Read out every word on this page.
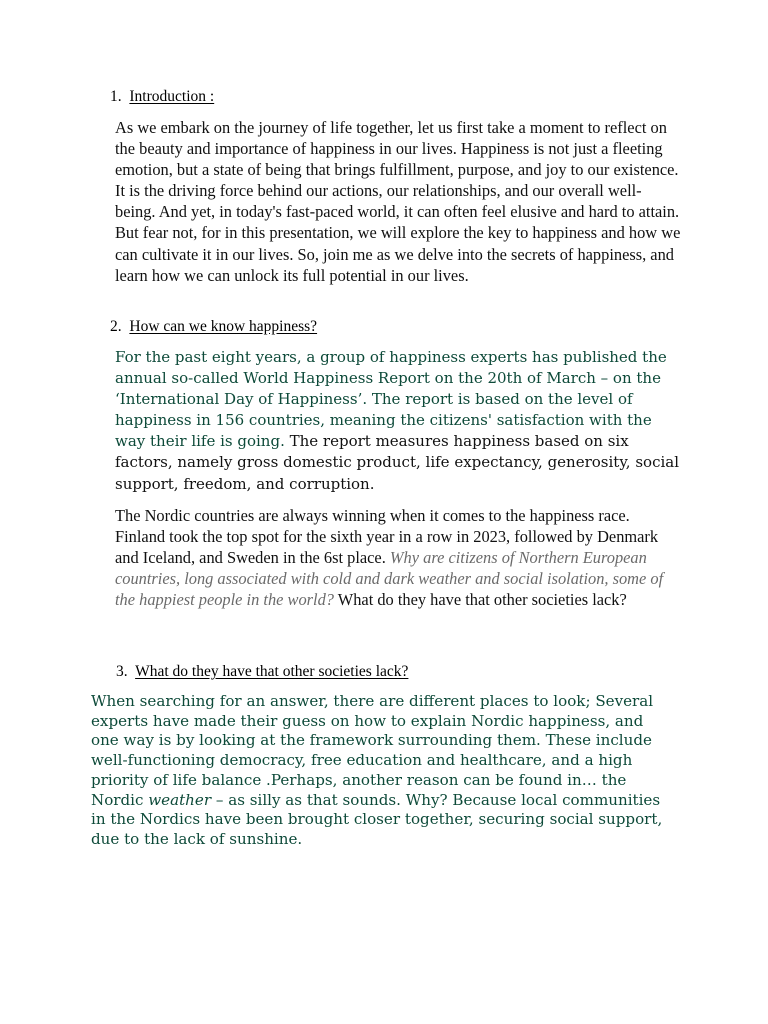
1. Introduction :

As we embark on the journey of life together, let us first take a moment to reflect on the beauty and importance of happiness in our lives. Happiness is not just a fleeting emotion, but a state of being that brings fulfillment, purpose, and joy to our existence. It is the driving force behind our actions, our relationships, and our overall well-being. And yet, in today's fast-paced world, it can often feel elusive and hard to attain. But fear not, for in this presentation, we will explore the key to happiness and how we can cultivate it in our lives. So, join me as we delve into the secrets of happiness, and learn how we can unlock its full potential in our lives.

2. How can we know happiness?

For the past eight years, a group of happiness experts has published the annual so-called World Happiness Report on the 20th of March – on the ‘International Day of Happiness’. The report is based on the level of happiness in 156 countries, meaning the citizens' satisfaction with the way their life is going. The report measures happiness based on six factors, namely gross domestic product, life expectancy, generosity, social support, freedom, and corruption.

The Nordic countries are always winning when it comes to the happiness race. Finland took the top spot for the sixth year in a row in 2023, followed by Denmark and Iceland, and Sweden in the 6st place. Why are citizens of Northern European countries, long associated with cold and dark weather and social isolation, some of the happiest people in the world? What do they have that other societies lack?

3. What do they have that other societies lack?

When searching for an answer, there are different places to look; Several experts have made their guess on how to explain Nordic happiness, and one way is by looking at the framework surrounding them. These include well-functioning democracy, free education and healthcare, and a high priority of life balance .Perhaps, another reason can be found in… the Nordic weather – as silly as that sounds. Why? Because local communities in the Nordics have been brought closer together, securing social support, due to the lack of sunshine.
